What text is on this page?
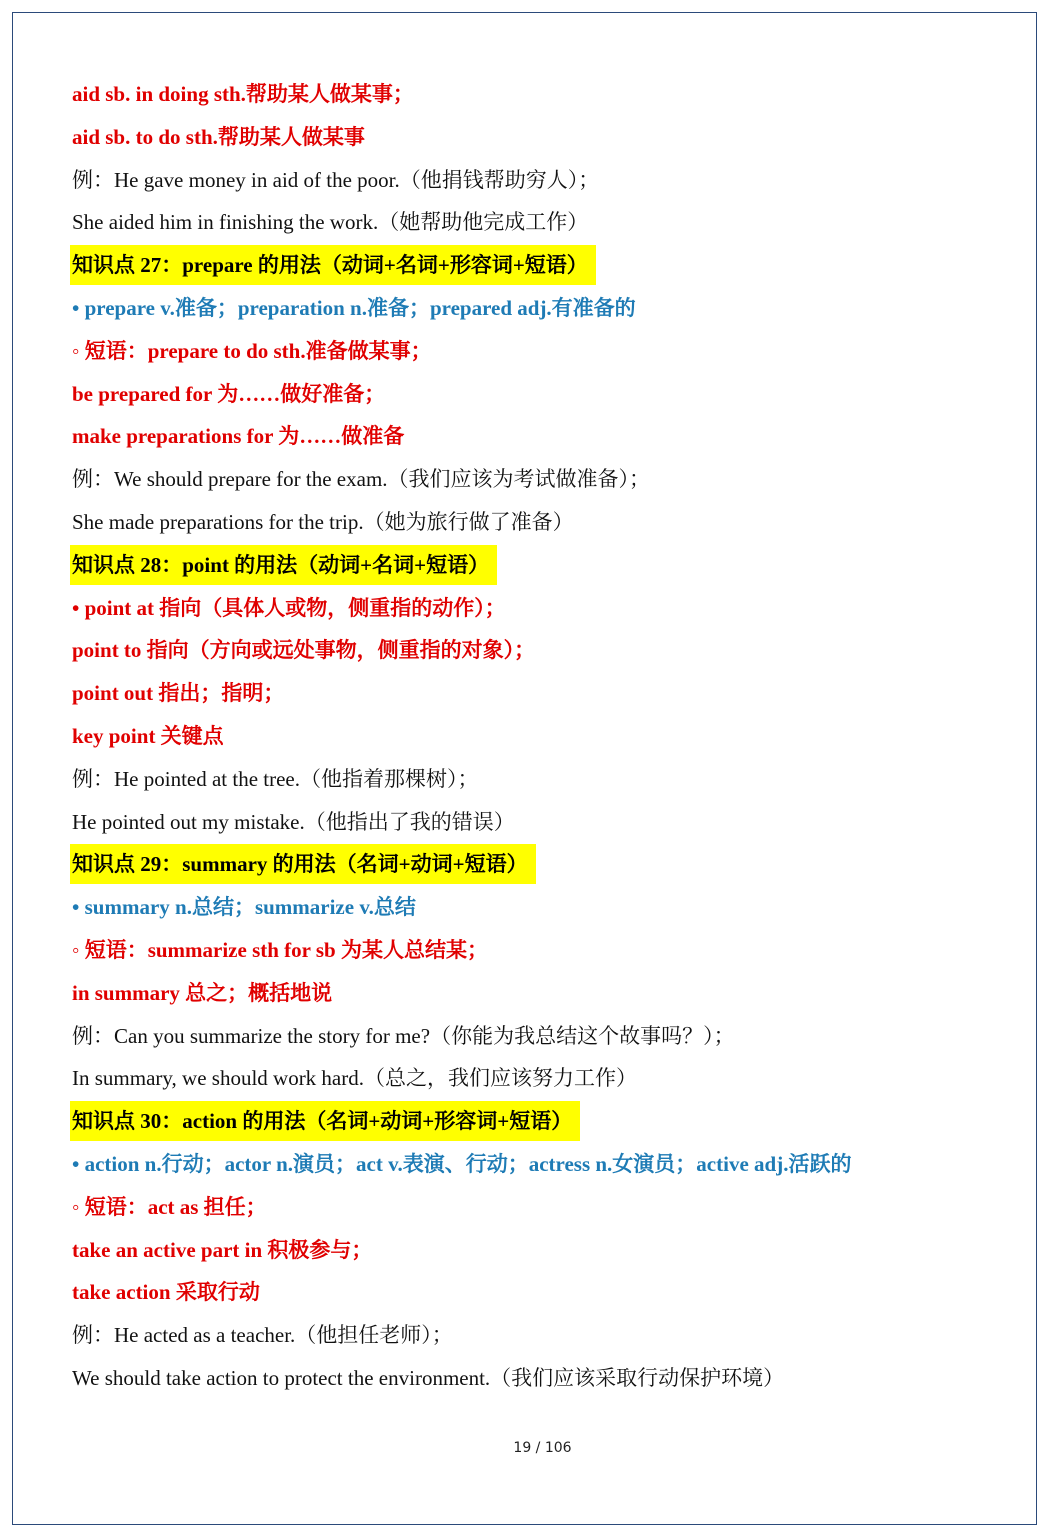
aid sb. in doing sth.帮助某人做某事；
aid sb. to do sth.帮助某人做某事
例：He gave money in aid of the poor.（他捐钱帮助穷人）；
She aided him in finishing the work.（她帮助他完成工作）
知识点 27：prepare 的用法（动词+名词+形容词+短语）
• prepare v.准备；preparation n.准备；prepared adj.有准备的
◦ 短语：prepare to do sth.准备做某事；
be prepared for 为……做好准备；
make preparations for 为……做准备
例：We should prepare for the exam.（我们应该为考试做准备）；
She made preparations for the trip.（她为旅行做了准备）
知识点 28：point 的用法（动词+名词+短语）
• point at 指向（具体人或物，侧重指的动作）；
point to 指向（方向或远处事物，侧重指的对象）；
point out 指出；指明；
key point 关键点
例：He pointed at the tree.（他指着那棵树）；
He pointed out my mistake.（他指出了我的错误）
知识点 29：summary 的用法（名词+动词+短语）
• summary n.总结；summarize v.总结
◦ 短语：summarize sth for sb 为某人总结某；
in summary 总之；概括地说
例：Can you summarize the story for me?（你能为我总结这个故事吗？）；
In summary, we should work hard.（总之，我们应该努力工作）
知识点 30：action 的用法（名词+动词+形容词+短语）
• action n.行动；actor n.演员；act v.表演、行动；actress n.女演员；active adj.活跃的
◦ 短语：act as 担任；
take an active part in 积极参与；
take action 采取行动
例：He acted as a teacher.（他担任老师）；
We should take action to protect the environment.（我们应该采取行动保护环境）
19 / 106
